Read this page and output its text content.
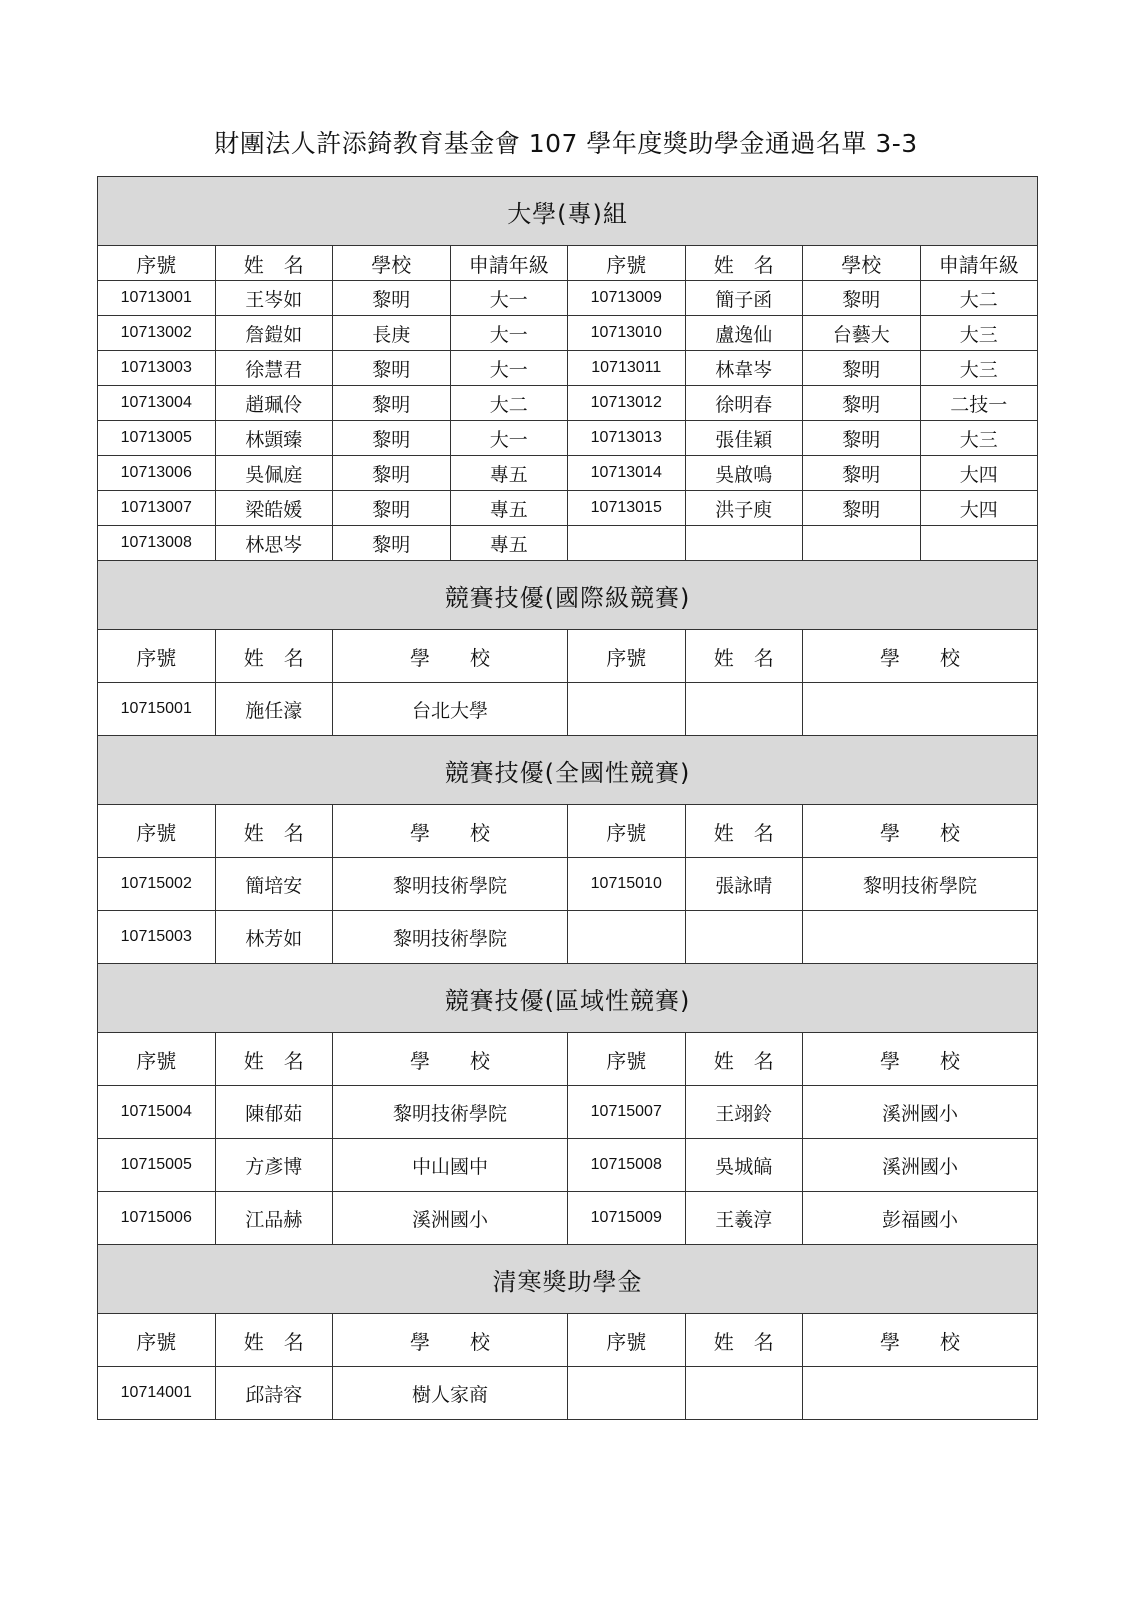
財團法人許添錡教育基金會 107 學年度獎助學金通過名單 3-3
大學(專)組							
序號	姓　名	學校	申請年級	序號	姓　名	學校	申請年級
10713001	王岑如	黎明	大一	10713009	簡子函	黎明	大二
10713002	詹鎧如	長庚	大一	10713010	盧逸仙	台藝大	大三
10713003	徐慧君	黎明	大一	10713011	林韋岑	黎明	大三
10713004	趙珮伶	黎明	大二	10713012	徐明春	黎明	二技一
10713005	林顗臻	黎明	大一	10713013	張佳穎	黎明	大三
10713006	吳佩庭	黎明	專五	10713014	吳啟鳴	黎明	大四
10713007	梁皓媛	黎明	專五	10713015	洪子庾	黎明	大四
10713008	林思岑	黎明	專五				
競賽技優(國際級競賽)							
序號	姓　名	學　　校		序號	姓　名	學　　校	
10715001	施任濠	台北大學					
競賽技優(全國性競賽)							
序號	姓　名	學　　校		序號	姓　名	學　　校	
10715002	簡培安	黎明技術學院		10715010	張詠晴	黎明技術學院	
10715003	林芳如	黎明技術學院					
競賽技優(區域性競賽)							
序號	姓　名	學　　校		序號	姓　名	學　　校	
10715004	陳郁茹	黎明技術學院		10715007	王翊鈴	溪洲國小	
10715005	方彥博	中山國中		10715008	吳城皜	溪洲國小	
10715006	江品赫	溪洲國小		10715009	王羲淳	彭福國小	
清寒獎助學金							
序號	姓　名	學　　校		序號	姓　名	學　　校	
10714001	邱詩容	樹人家商					
